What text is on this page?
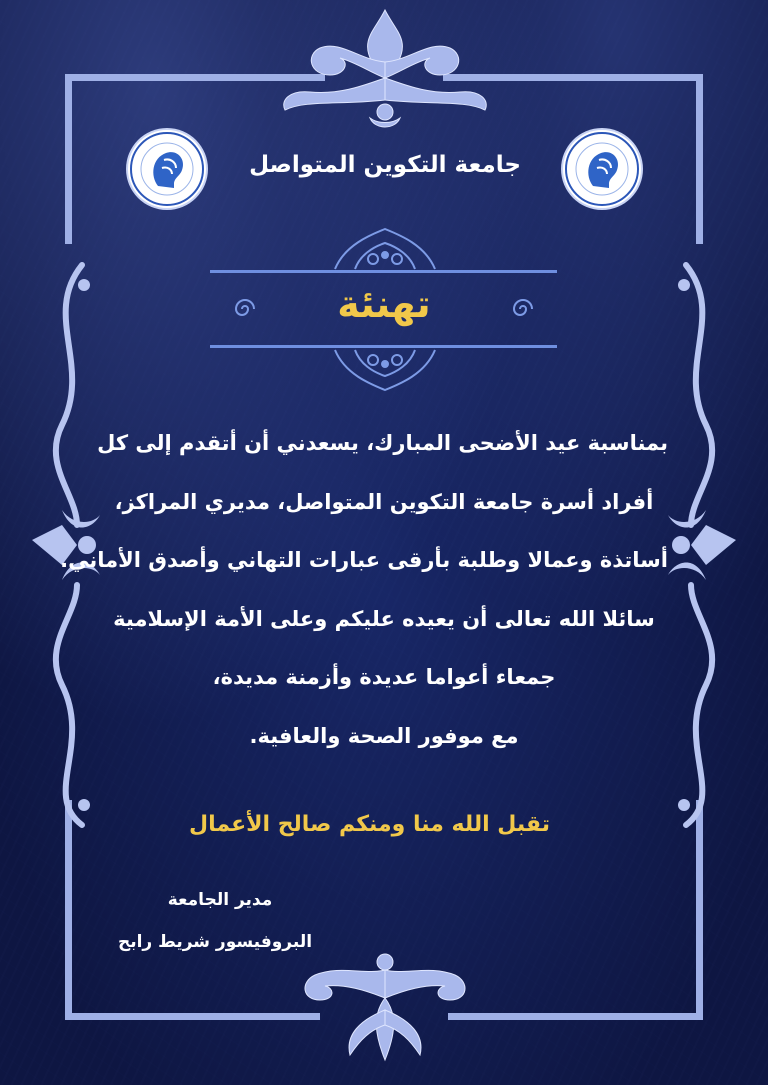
جامعة التكوين المتواصل
تهنئة
بمناسبة عيد الأضحى المبارك، يسعدني أن أتقدم إلى كل
أفراد أسرة جامعة التكوين المتواصل، مديري المراكز،
أساتذة وعمالا وطلبة بأرقى عبارات التهاني وأصدق الأماني.
سائلا الله تعالى أن يعيده عليكم وعلى الأمة الإسلامية
جمعاء أعواما عديدة وأزمنة مديدة،
مع موفور الصحة والعافية.
تقبل الله منا ومنكم صالح الأعمال
مدير الجامعة
البروفيسور شريط رابح
